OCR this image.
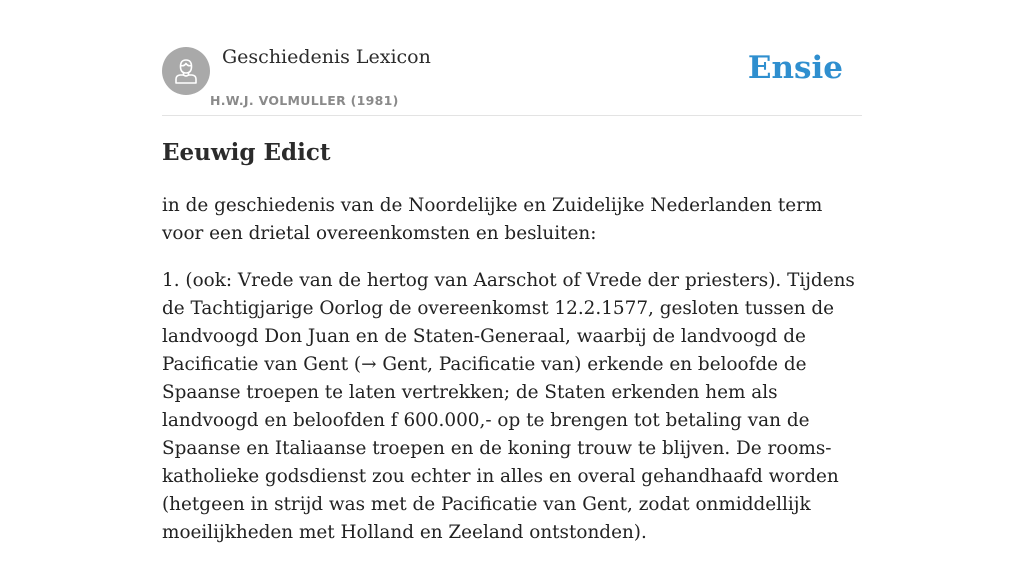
Geschiedenis Lexicon
H.W.J. VOLMULLER (1981)
Ensie
Eeuwig Edict

in de geschiedenis van de Noordelijke en Zuidelijke Nederlanden term voor een drietal overeenkomsten en besluiten:

1. (ook: Vrede van de hertog van Aarschot of Vrede der priesters). Tijdens de Tachtigjarige Oorlog de overeenkomst 12.2.1577, gesloten tussen de landvoogd Don Juan en de Staten-Generaal, waarbij de landvoogd de Pacificatie van Gent (→ Gent, Pacificatie van) erkende en beloofde de Spaanse troepen te laten vertrekken; de Staten erkenden hem als landvoogd en beloofden f 600.000,- op te brengen tot betaling van de Spaanse en Italiaanse troepen en de koning trouw te blijven. De rooms-katholieke godsdienst zou echter in alles en overal gehandhaafd worden (hetgeen in strijd was met de Pacificatie van Gent, zodat onmiddellijk moeilijkheden met Holland en Zeeland ontstonden).
